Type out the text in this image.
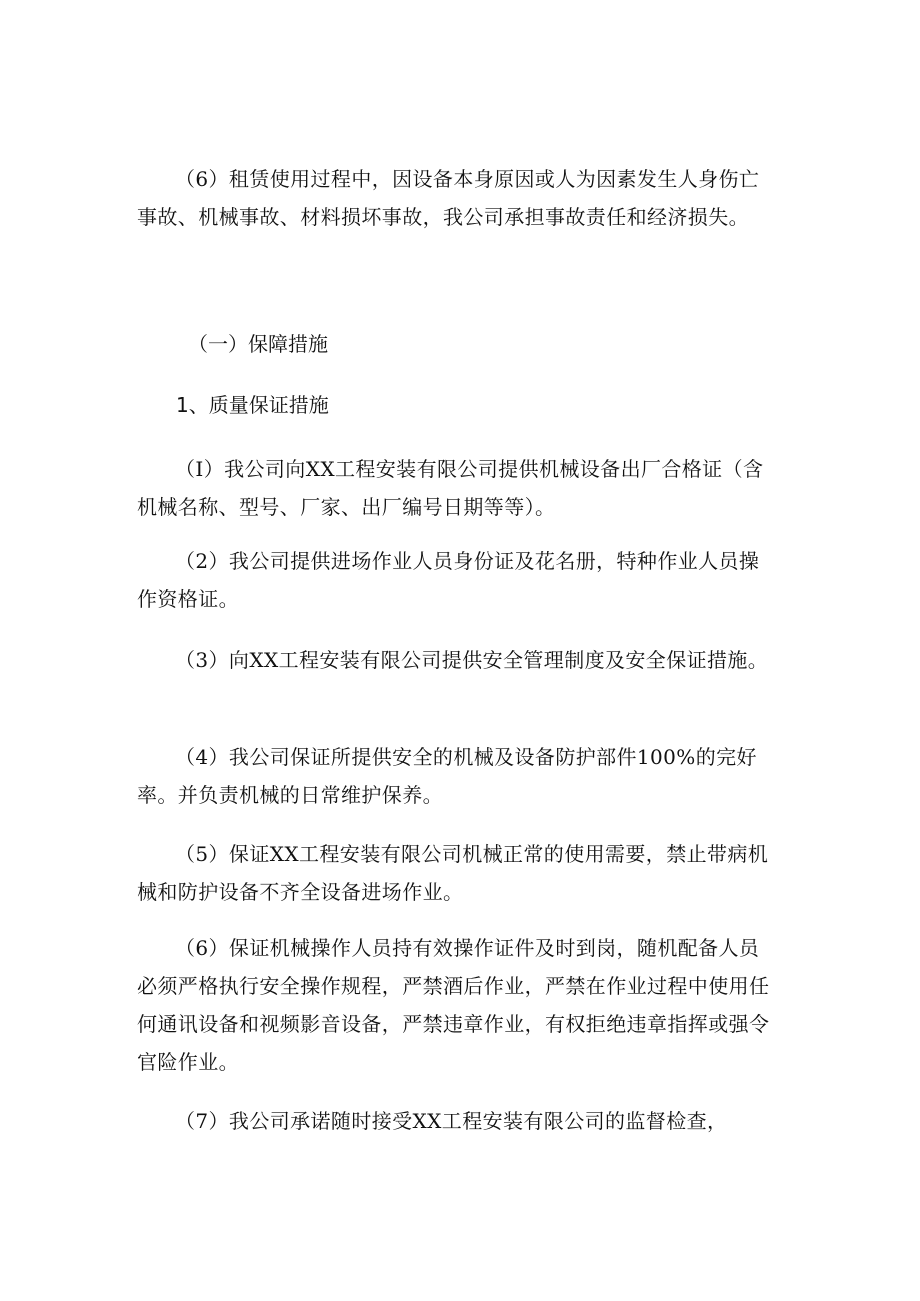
（6）租赁使用过程中，因设备本身原因或人为因素发生人身伤亡事故、机械事故、材料损坏事故，我公司承担事故责任和经济损失。

（一）保障措施
1、质量保证措施

（I）我公司向XX工程安装有限公司提供机械设备出厂合格证（含机械名称、型号、厂家、出厂编号日期等等）。

（2）我公司提供进场作业人员身份证及花名册，特种作业人员操作资格证。

（3）向XX工程安装有限公司提供安全管理制度及安全保证措施。

（4）我公司保证所提供安全的机械及设备防护部件100%的完好率。并负责机械的日常维护保养。

（5）保证XX工程安装有限公司机械正常的使用需要，禁止带病机械和防护设备不齐全设备进场作业。

（6）保证机械操作人员持有效操作证件及时到岗，随机配备人员必须严格执行安全操作规程，严禁酒后作业，严禁在作业过程中使用任何通讯设备和视频影音设备，严禁违章作业，有权拒绝违章指挥或强令官险作业。

（7）我公司承诺随时接受XX工程安装有限公司的监督检查，
